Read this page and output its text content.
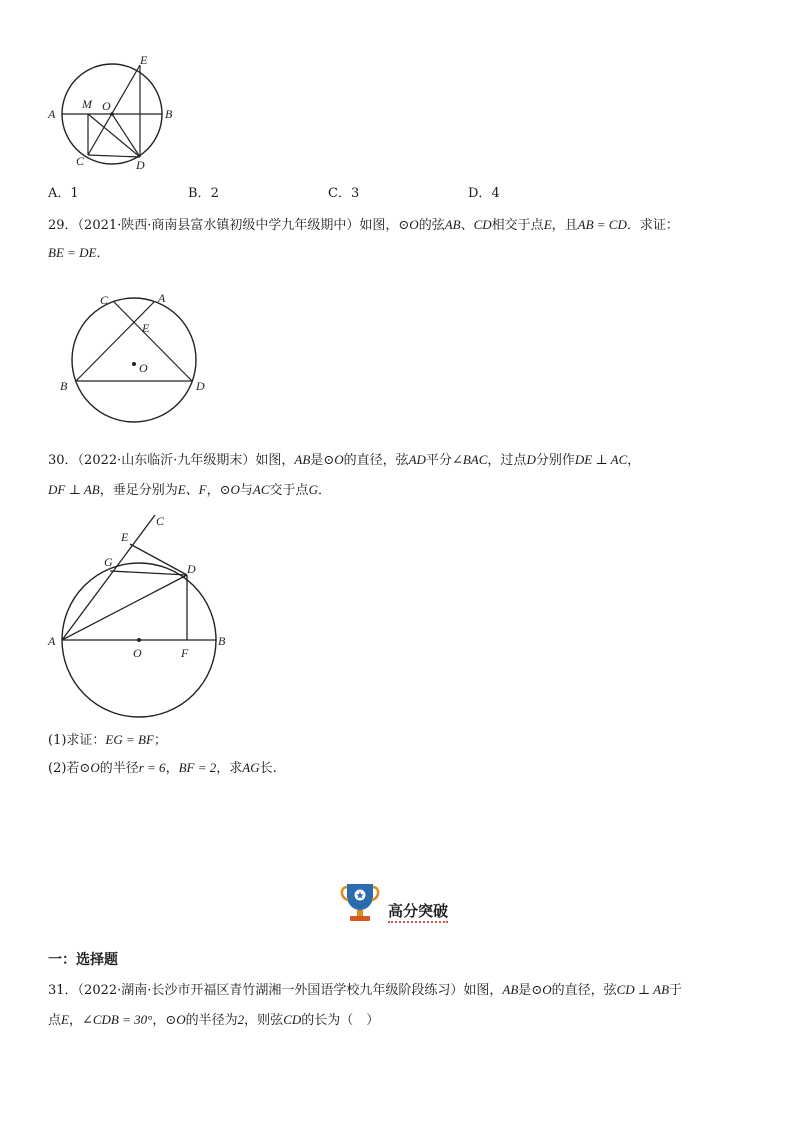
A
M O
B
C	D
E
A．1	B．2	C．3	D．4
29．（2021·陕西·商南县富水镇初级中学九年级期中）如图，⊙O的弦AB、CD相交于点E，且AB = CD．求证：
BE = DE．
C	A
E
O
B	D
30．（2022·山东临沂·九年级期末）如图，AB是⊙O的直径，弦AD平分∠BAC，过点D分别作DE ⊥ AC，
DF ⊥ AB，垂足分别为E、F，⊙O与AC交于点G．
C
E
G	D
A
O	F
B
(1)求证：EG = BF；
(2)若⊙O的半径r = 6，BF = 2，求AG长.
高分突破
一：选择题
31．（2022·湖南·长沙市开福区青竹湖湘一外国语学校九年级阶段练习）如图，AB是⊙O的直径，弦CD ⊥ AB于
点E，∠CDB = 30°，⊙O的半径为2，则弦CD的长为（　）
